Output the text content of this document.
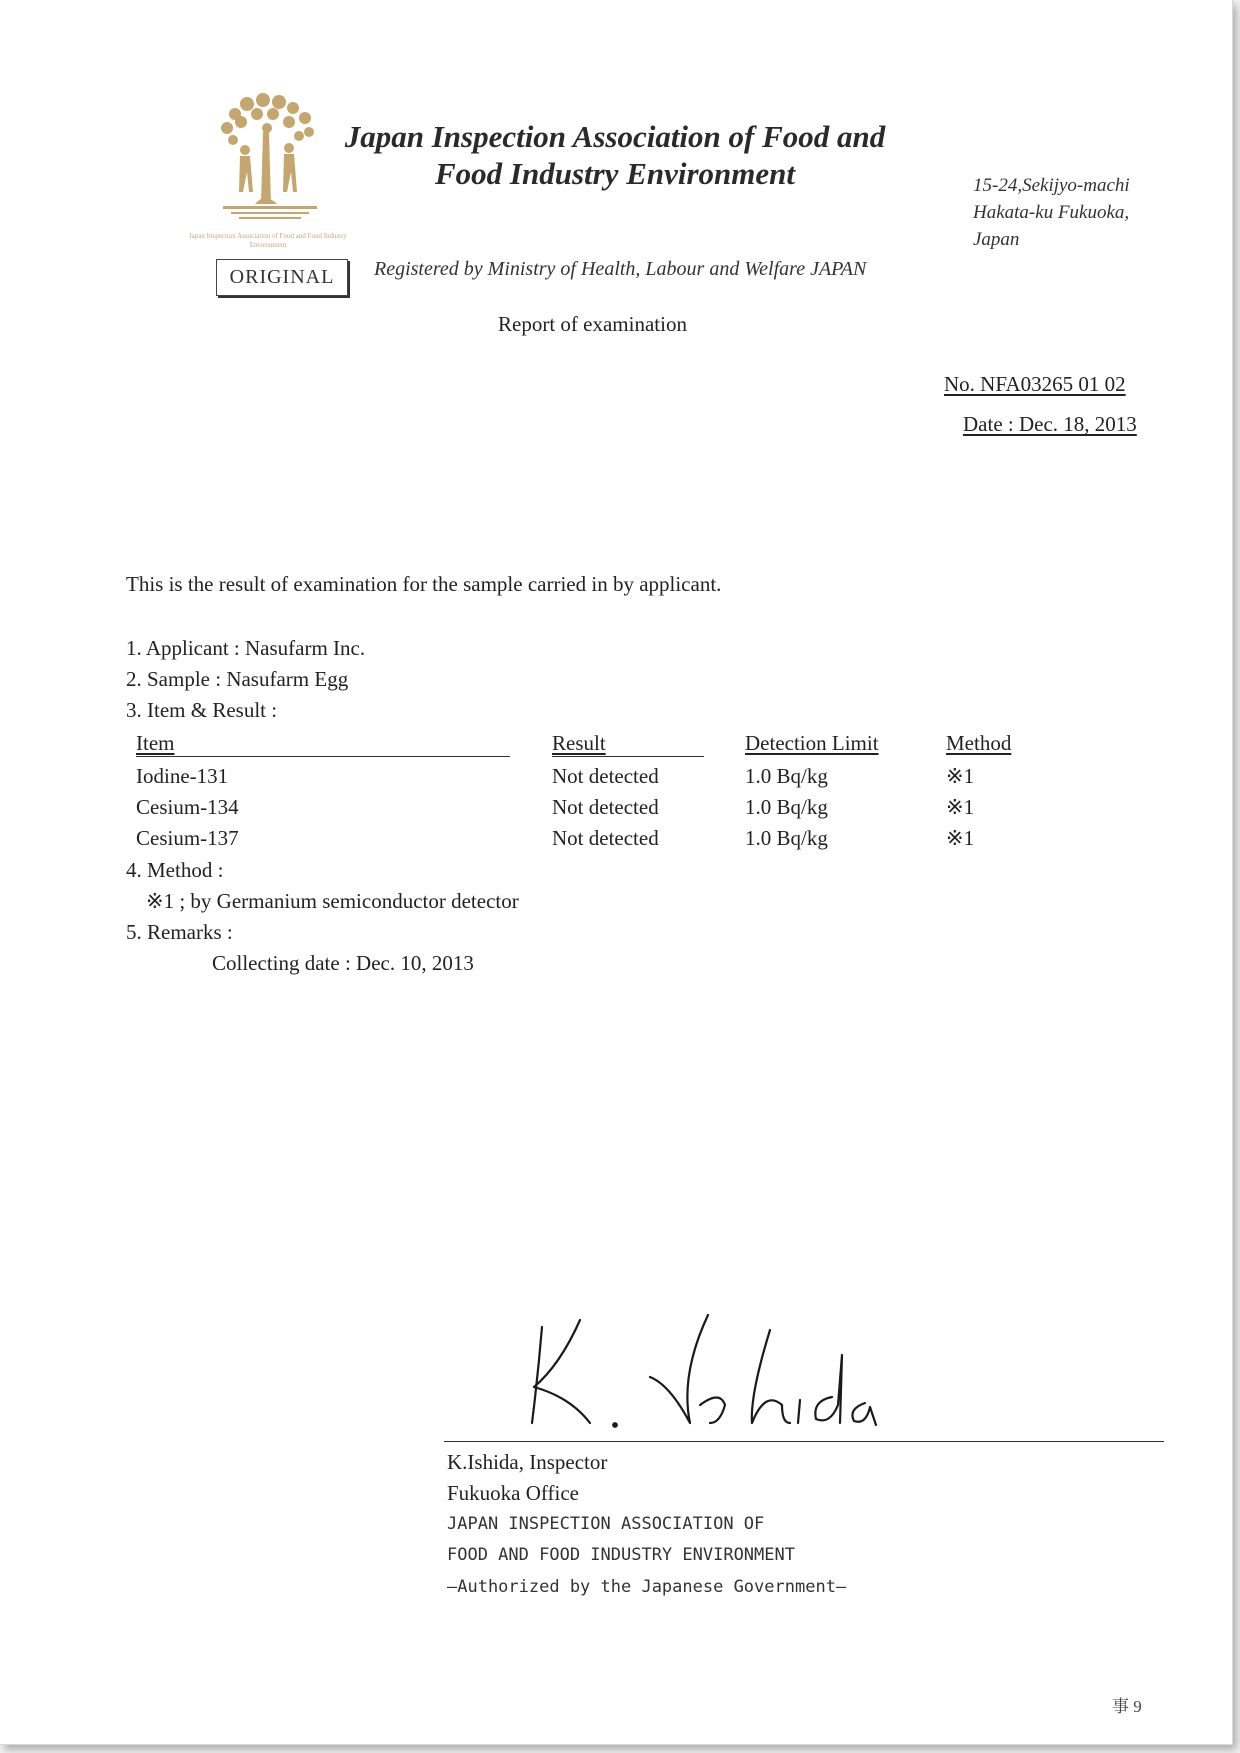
Japan Inspection Association of Food and Food Industry Environment
ORIGINAL
Japan Inspection Association of Food and Food Industry Environment
Registered by Ministry of Health, Labour and Welfare JAPAN
15-24,Sekijyo-machi
Hakata-ku Fukuoka,
Japan
Report of examination
No. NFA03265 01 02
Date : Dec. 18, 2013
This is the result of examination for the sample carried in by applicant.
1. Applicant : Nasufarm Inc.
2. Sample : Nasufarm Egg
3. Item & Result :
Item	Result	Detection Limit	Method
Iodine-131	Not detected	1.0 Bq/kg	※1
Cesium-134	Not detected	1.0 Bq/kg	※1
Cesium-137	Not detected	1.0 Bq/kg	※1
4. Method :
※1 ; by Germanium semiconductor detector
5. Remarks :
Collecting date : Dec. 10, 2013
K.Ishida, Inspector
Fukuoka Office
JAPAN INSPECTION ASSOCIATION OF
FOOD AND FOOD INDUSTRY ENVIRONMENT
—Authorized by the Japanese Government—
事 9
